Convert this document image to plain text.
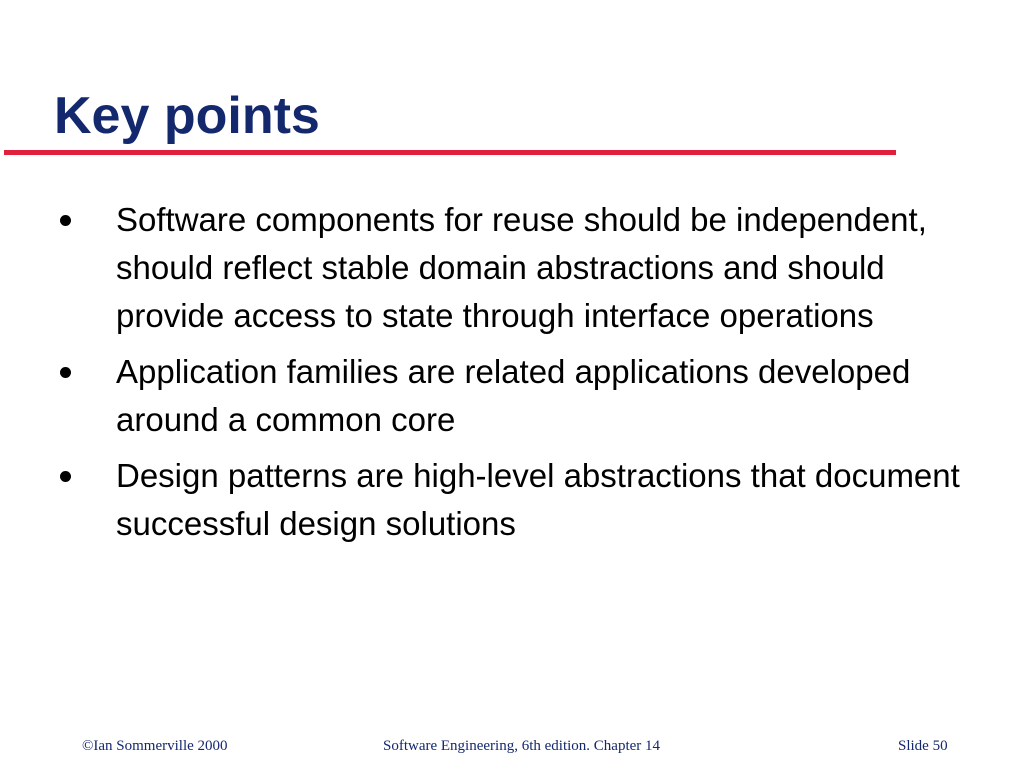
Key points
Software components for reuse should be independent, should reflect stable domain abstractions and should provide access to state through interface operations
Application families are related applications developed around a common core
Design patterns are high-level abstractions that document successful design solutions
©Ian Sommerville 2000	Software Engineering, 6th edition. Chapter 14	Slide 50
